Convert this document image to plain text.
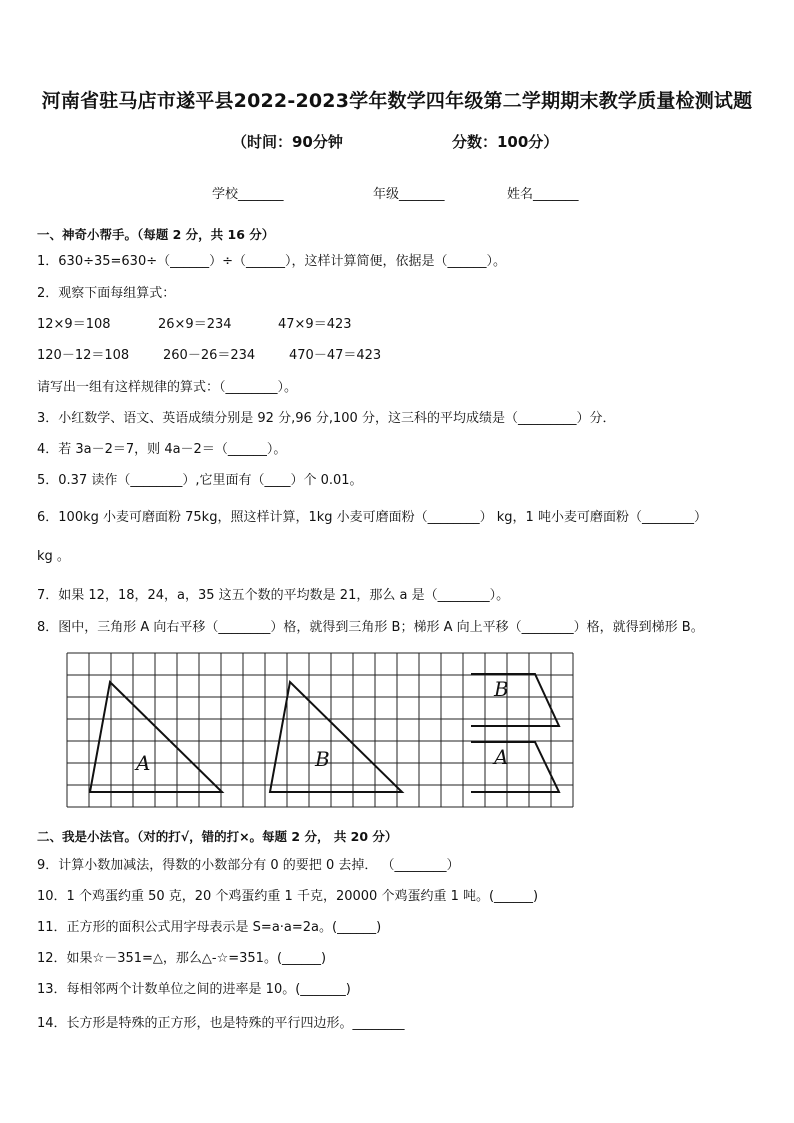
河南省驻马店市遂平县2022-2023学年数学四年级第二学期期末教学质量检测试题
（时间：90分钟	分数：100分）
学校_______	年级_______	姓名_______
一、神奇小帮手。（每题 2 分，共 16 分）
1．630÷35=630÷（______）÷（______），这样计算简便，依据是（______）。
2．观察下面每组算式：
12×9＝108	26×9＝234	47×9＝423
120－12＝108	260－26＝234	470－47＝423
请写出一组有这样规律的算式：（________）。
3．小红数学、语文、英语成绩分别是 92 分,96 分,100 分，这三科的平均成绩是（_________）分．
4．若 3a－2＝7，则 4a－2＝（______）。
5．0.37 读作（________）,它里面有（____）个 0.01。
6．100kg 小麦可磨面粉 75kg，照这样计算，1kg 小麦可磨面粉（________） kg，1 吨小麦可磨面粉（________）
kg 。
7．如果 12，18，24，a，35 这五个数的平均数是 21，那么 a 是（________）。
8．图中，三角形 A 向右平移（________）格，就得到三角形 B；梯形 A 向上平移（________）格，就得到梯形 B。
A	B
B
A
二、我是小法官。（对的打√，错的打×。每题 2 分， 共 20 分）
9．计算小数加减法，得数的小数部分有 0 的要把 0 去掉． （________）
10．1 个鸡蛋约重 50 克，20 个鸡蛋约重 1 千克，20000 个鸡蛋约重 1 吨。(______)
11．正方形的面积公式用字母表示是 S=a·a=2a。(______)
12．如果☆－351=△，那么△-☆=351。(______)
13．每相邻两个计数单位之间的进率是 10。(_______)
14．长方形是特殊的正方形，也是特殊的平行四边形。________
